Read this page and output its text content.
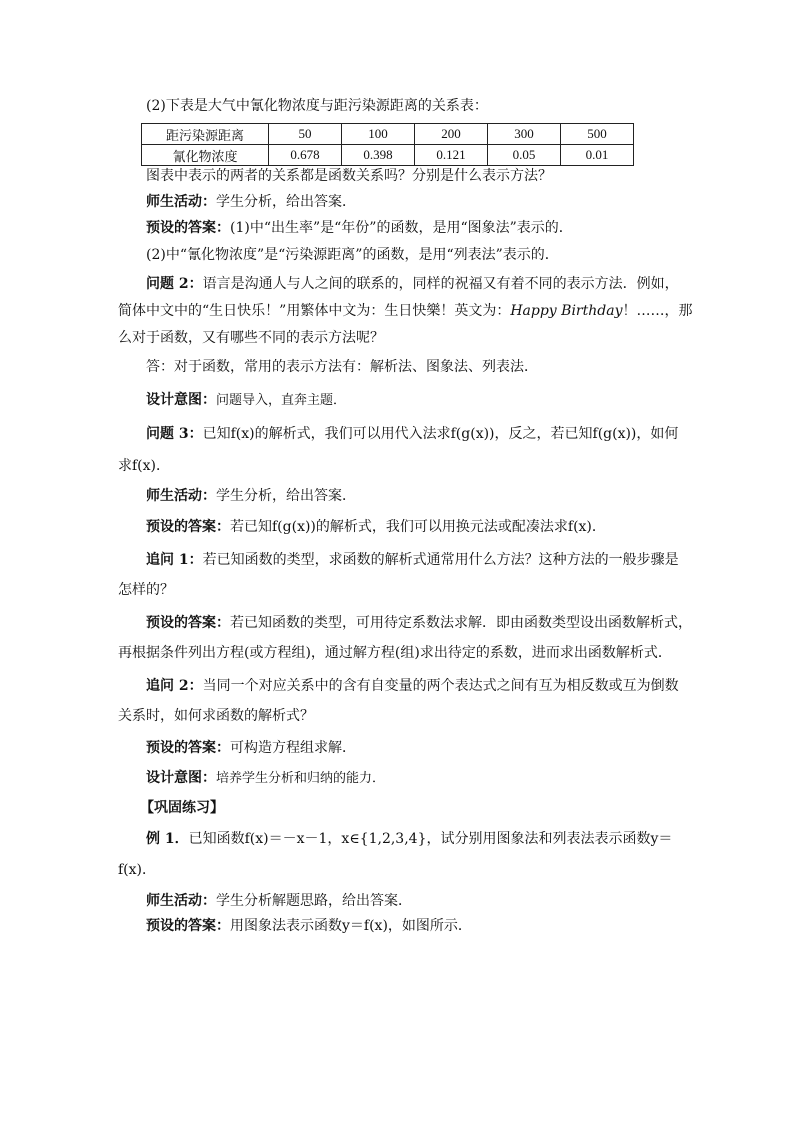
(2)下表是大气中氰化物浓度与距污染源距离的关系表：
距污染源距离	50	100	200	300	500
氰化物浓度	0.678	0.398	0.121	0.05	0.01
图表中表示的两者的关系都是函数关系吗？分别是什么表示方法？
师生活动：学生分析，给出答案．
预设的答案：(1)中“出生率”是“年份”的函数，是用“图象法”表示的．
(2)中“氰化物浓度”是“污染源距离”的函数，是用“列表法”表示的．
问题 2：语言是沟通人与人之间的联系的，同样的祝福又有着不同的表示方法．例如，
简体中文中的“生日快乐！”用繁体中文为：生日快樂！英文为：Happy Birthday！……，那
么对于函数，又有哪些不同的表示方法呢？
答：对于函数，常用的表示方法有：解析法、图象法、列表法．
设计意图：问题导入，直奔主题．
问题 3：已知f(x)的解析式，我们可以用代入法求f(g(x))，反之，若已知f(g(x))，如何
求f(x)．
师生活动：学生分析，给出答案．
预设的答案：若已知f(g(x))的解析式，我们可以用换元法或配凑法求f(x)．
追问 1：若已知函数的类型，求函数的解析式通常用什么方法？这种方法的一般步骤是
怎样的？
预设的答案：若已知函数的类型，可用待定系数法求解．即由函数类型设出函数解析式，
再根据条件列出方程(或方程组)，通过解方程(组)求出待定的系数，进而求出函数解析式．
追问 2：当同一个对应关系中的含有自变量的两个表达式之间有互为相反数或互为倒数
关系时，如何求函数的解析式？
预设的答案：可构造方程组求解．
设计意图：培养学生分析和归纳的能力．
【巩固练习】
例 1．已知函数f(x)＝－x－1，x∈{1,2,3,4}，试分别用图象法和列表法表示函数y＝
f(x)．
师生活动：学生分析解题思路，给出答案．
预设的答案：用图象法表示函数y＝f(x)，如图所示．
